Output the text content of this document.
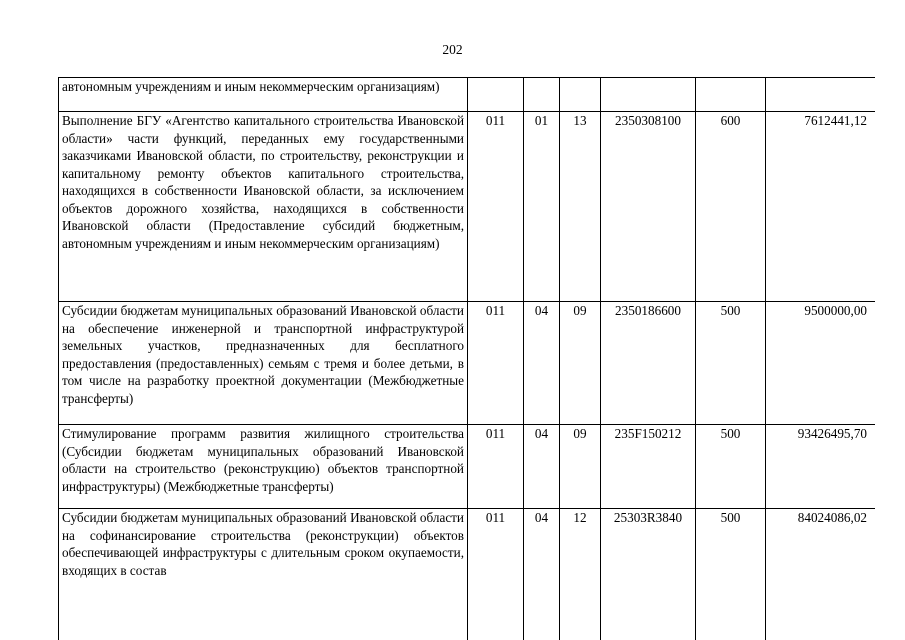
202
автономным учреждениям и иным некоммерческим организациям)						
Выполнение БГУ «Агентство капитального строительства Ивановской области» части функций, переданных ему государственными заказчиками Ивановской области, по строительству, реконструкции и капитальному ремонту объектов капитального строительства, находящихся в собственности Ивановской области, за исключением объектов дорожного хозяйства, находящихся в собственности Ивановской области (Предоставление субсидий бюджетным, автономным учреждениям и иным некоммерческим организациям)	011	01	13	2350308100	600	7612441,12
Субсидии бюджетам муниципальных образований Ивановской области на обеспечение инженерной и транспортной инфраструктурой земельных участков, предназначенных для бесплатного предоставления (предоставленных) семьям с тремя и более детьми, в том числе на разработку проектной документации (Межбюджетные трансферты)	011	04	09	2350186600	500	9500000,00
Стимулирование программ развития жилищного строительства (Субсидии бюджетам муниципальных образований Ивановской области на строительство (реконструкцию) объектов транспортной инфраструктуры) (Межбюджетные трансферты)	011	04	09	235F150212	500	93426495,70
Субсидии бюджетам муниципальных образований Ивановской области на софинансирование строительства (реконструкции) объектов обеспечивающей инфраструктуры с длительным сроком окупаемости, входящих в состав	011	04	12	25303R3840	500	84024086,02
